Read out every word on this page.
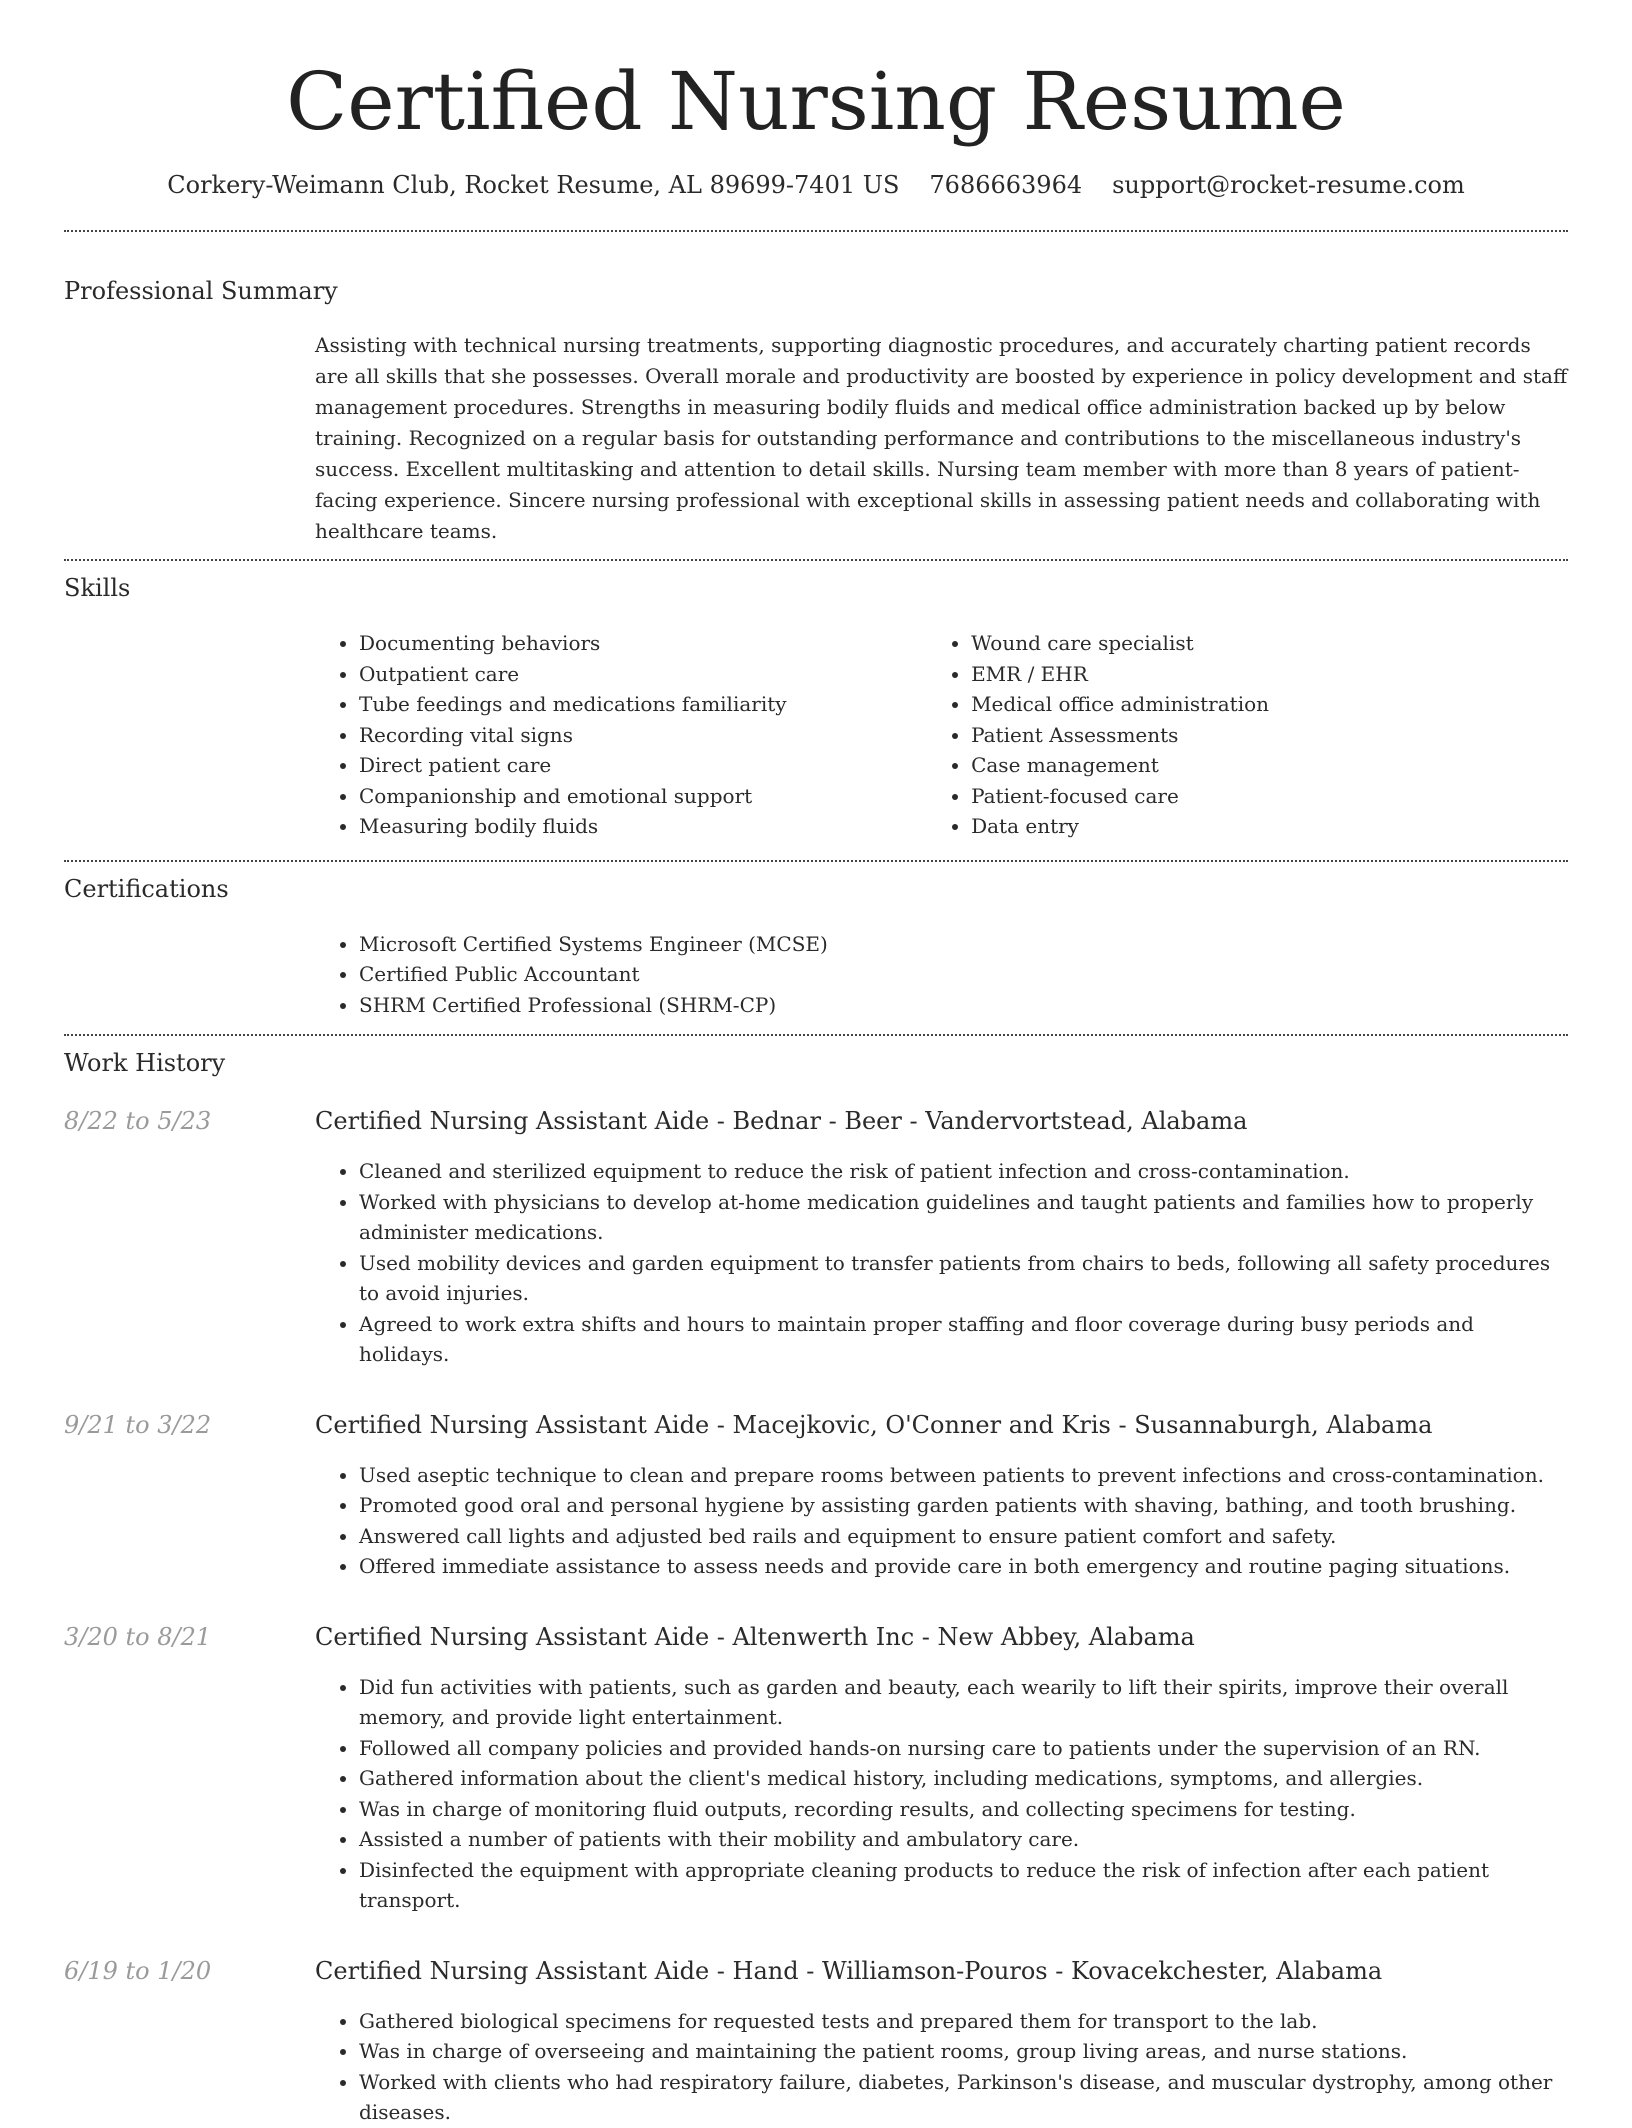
Certified Nursing Resume
Corkery-Weimann Club, Rocket Resume, AL 89699-7401 US 7686663964 support@rocket-resume.com
Professional Summary
Assisting with technical nursing treatments, supporting diagnostic procedures, and accurately charting patient records are all skills that she possesses. Overall morale and productivity are boosted by experience in policy development and staff management procedures. Strengths in measuring bodily fluids and medical office administration backed up by below training. Recognized on a regular basis for outstanding performance and contributions to the miscellaneous industry's success. Excellent multitasking and attention to detail skills. Nursing team member with more than 8 years of patient-facing experience. Sincere nursing professional with exceptional skills in assessing patient needs and collaborating with healthcare teams.
Skills
• Documenting behaviors
• Outpatient care
• Tube feedings and medications familiarity
• Recording vital signs
• Direct patient care
• Companionship and emotional support
• Measuring bodily fluids
• Wound care specialist
• EMR / EHR
• Medical office administration
• Patient Assessments
• Case management
• Patient-focused care
• Data entry
Certifications
• Microsoft Certified Systems Engineer (MCSE)
• Certified Public Accountant
• SHRM Certified Professional (SHRM-CP)
Work History
8/22 to 5/23	Certified Nursing Assistant Aide - Bednar - Beer - Vandervortstead, Alabama
• Cleaned and sterilized equipment to reduce the risk of patient infection and cross-contamination.
• Worked with physicians to develop at-home medication guidelines and taught patients and families how to properly administer medications.
• Used mobility devices and garden equipment to transfer patients from chairs to beds, following all safety procedures to avoid injuries.
• Agreed to work extra shifts and hours to maintain proper staffing and floor coverage during busy periods and holidays.
9/21 to 3/22	Certified Nursing Assistant Aide - Macejkovic, O'Conner and Kris - Susannaburgh, Alabama
• Used aseptic technique to clean and prepare rooms between patients to prevent infections and cross-contamination.
• Promoted good oral and personal hygiene by assisting garden patients with shaving, bathing, and tooth brushing.
• Answered call lights and adjusted bed rails and equipment to ensure patient comfort and safety.
• Offered immediate assistance to assess needs and provide care in both emergency and routine paging situations.
3/20 to 8/21	Certified Nursing Assistant Aide - Altenwerth Inc - New Abbey, Alabama
• Did fun activities with patients, such as garden and beauty, each wearily to lift their spirits, improve their overall memory, and provide light entertainment.
• Followed all company policies and provided hands-on nursing care to patients under the supervision of an RN.
• Gathered information about the client's medical history, including medications, symptoms, and allergies.
• Was in charge of monitoring fluid outputs, recording results, and collecting specimens for testing.
• Assisted a number of patients with their mobility and ambulatory care.
• Disinfected the equipment with appropriate cleaning products to reduce the risk of infection after each patient transport.
6/19 to 1/20	Certified Nursing Assistant Aide - Hand - Williamson-Pouros - Kovacekchester, Alabama
• Gathered biological specimens for requested tests and prepared them for transport to the lab.
• Was in charge of overseeing and maintaining the patient rooms, group living areas, and nurse stations.
• Worked with clients who had respiratory failure, diabetes, Parkinson's disease, and muscular dystrophy, among other diseases.
